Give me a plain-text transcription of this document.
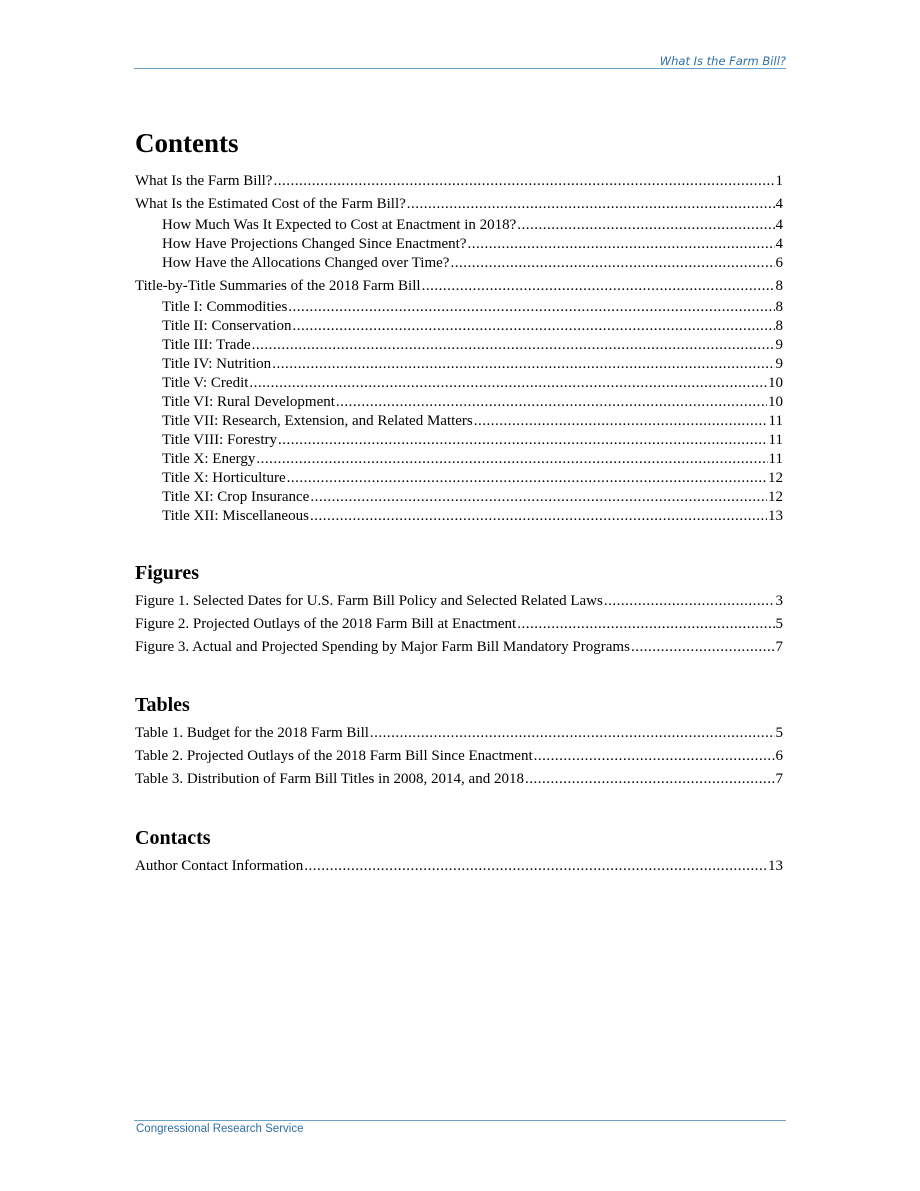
What Is the Farm Bill?
Contents
What Is the Farm Bill? .....	1
What Is the Estimated Cost of the Farm Bill? .....	4
How Much Was It Expected to Cost at Enactment in 2018? .....	4
How Have Projections Changed Since Enactment? .....	4
How Have the Allocations Changed over Time? .....	6
Title-by-Title Summaries of the 2018 Farm Bill .....	8
Title I: Commodities .....	8
Title II: Conservation .....	8
Title III: Trade .....	9
Title IV: Nutrition .....	9
Title V: Credit .....	10
Title VI: Rural Development .....	10
Title VII: Research, Extension, and Related Matters .....	11
Title VIII: Forestry .....	11
Title X: Energy .....	11
Title X: Horticulture .....	12
Title XI: Crop Insurance .....	12
Title XII: Miscellaneous .....	13
Figures
Figure 1. Selected Dates for U.S. Farm Bill Policy and Selected Related Laws .....	3
Figure 2. Projected Outlays of the 2018 Farm Bill at Enactment .....	5
Figure 3. Actual and Projected Spending by Major Farm Bill Mandatory Programs .....	7
Tables
Table 1. Budget for the 2018 Farm Bill .....	5
Table 2. Projected Outlays of the 2018 Farm Bill Since Enactment .....	6
Table 3. Distribution of Farm Bill Titles in 2008, 2014, and 2018 .....	7
Contacts
Author Contact Information .....	13
Congressional Research Service
